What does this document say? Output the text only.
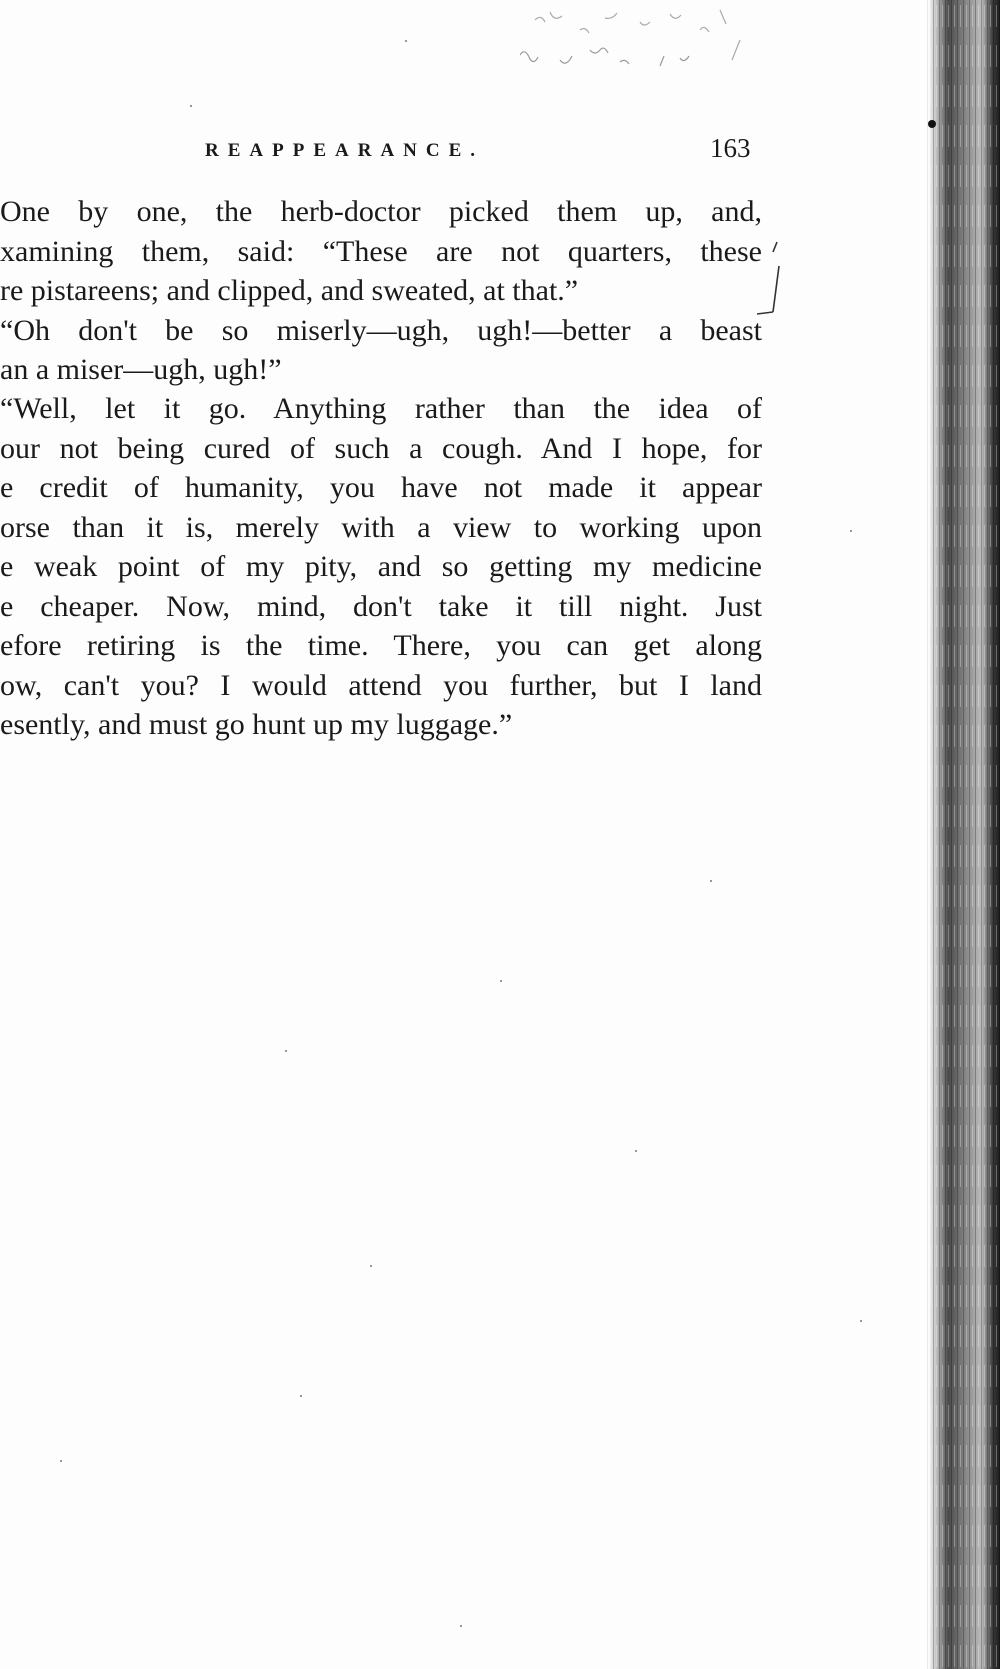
REAPPEARANCE.	163
One by one, the herb-doctor picked them up, and,
xamining them, said: “These are not quarters, these
re pistareens; and clipped, and sweated, at that.”
“Oh don't be so miserly—ugh, ugh!—better a beast
an a miser—ugh, ugh!”
“Well, let it go. Anything rather than the idea of
our not being cured of such a cough. And I hope, for
e credit of humanity, you have not made it appear
orse than it is, merely with a view to working upon
e weak point of my pity, and so getting my medicine
e cheaper. Now, mind, don't take it till night. Just
efore retiring is the time. There, you can get along
ow, can't you? I would attend you further, but I land
esently, and must go hunt up my luggage.”
